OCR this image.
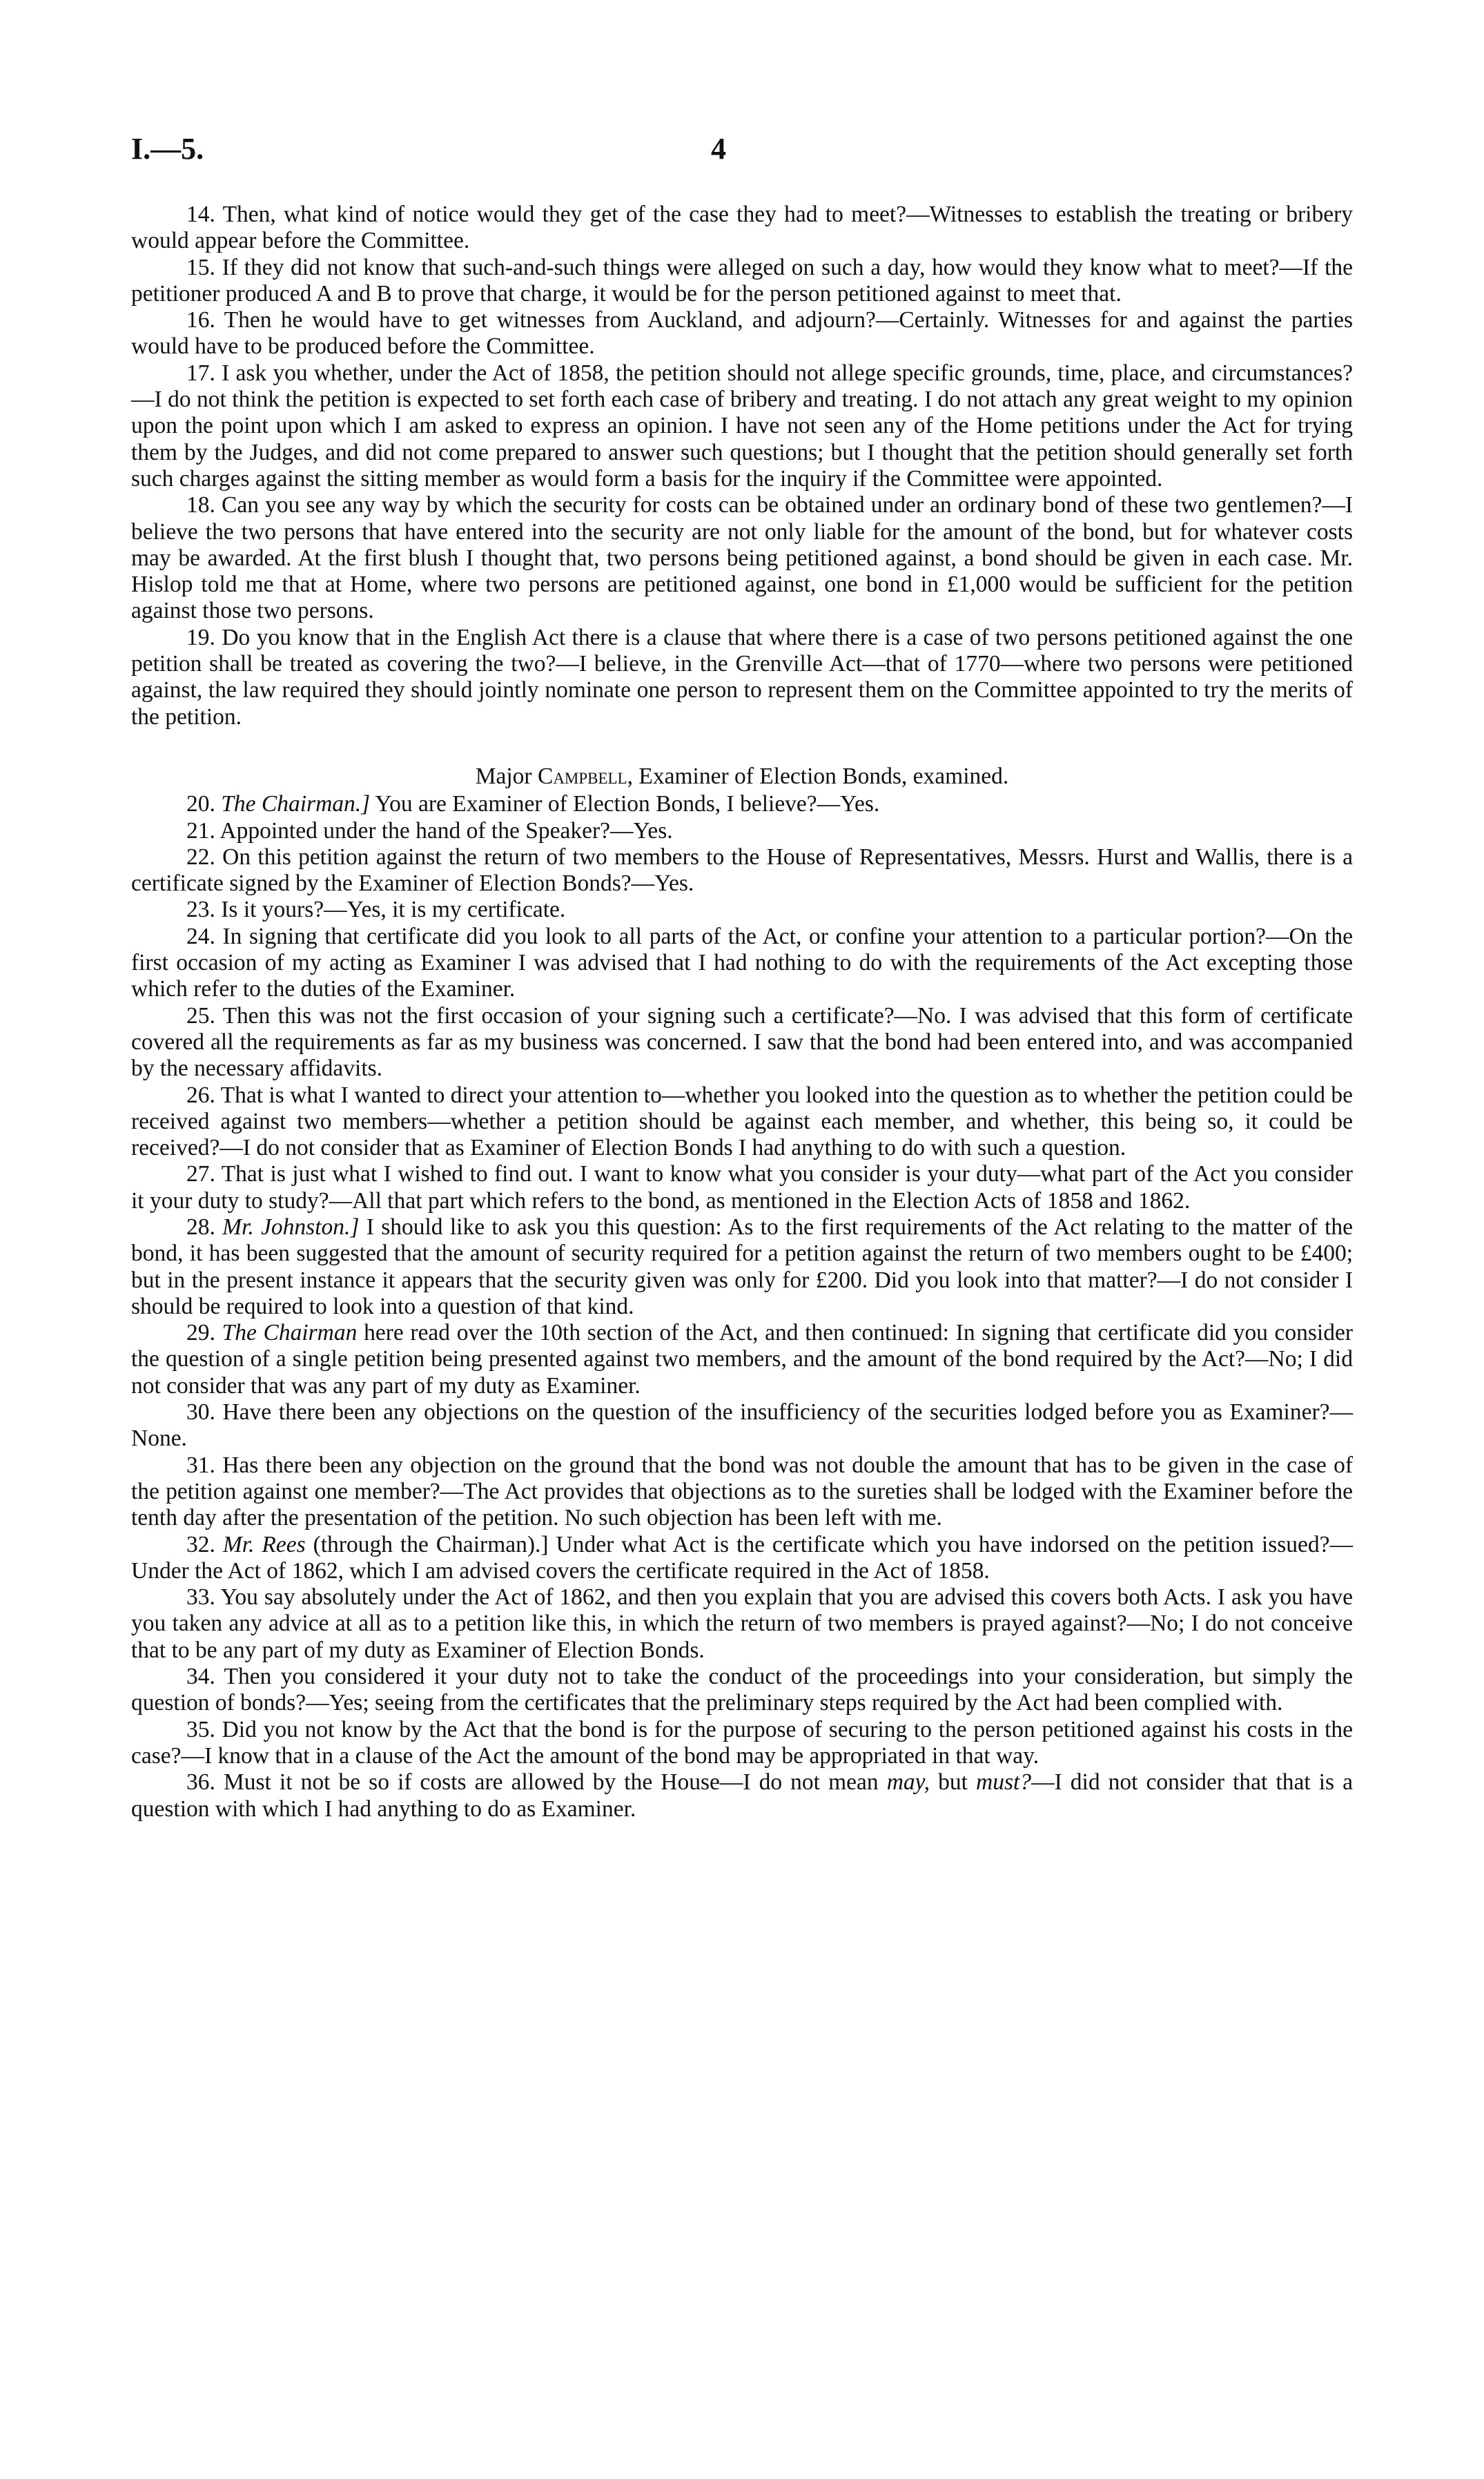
I.—5.	4

14. Then, what kind of notice would they get of the case they had to meet?—Witnesses to establish the treating or bribery would appear before the Committee.

15. If they did not know that such-and-such things were alleged on such a day, how would they know what to meet?—If the petitioner produced A and B to prove that charge, it would be for the person petitioned against to meet that.

16. Then he would have to get witnesses from Auckland, and adjourn?—Certainly. Witnesses for and against the parties would have to be produced before the Committee.

17. I ask you whether, under the Act of 1858, the petition should not allege specific grounds, time, place, and circumstances?—I do not think the petition is expected to set forth each case of bribery and treating. I do not attach any great weight to my opinion upon the point upon which I am asked to express an opinion. I have not seen any of the Home petitions under the Act for trying them by the Judges, and did not come prepared to answer such questions; but I thought that the petition should generally set forth such charges against the sitting member as would form a basis for the inquiry if the Committee were appointed.

18. Can you see any way by which the security for costs can be obtained under an ordinary bond of these two gentlemen?—I believe the two persons that have entered into the security are not only liable for the amount of the bond, but for whatever costs may be awarded. At the first blush I thought that, two persons being petitioned against, a bond should be given in each case. Mr. Hislop told me that at Home, where two persons are petitioned against, one bond in £1,000 would be sufficient for the petition against those two persons.

19. Do you know that in the English Act there is a clause that where there is a case of two persons petitioned against the one petition shall be treated as covering the two?—I believe, in the Grenville Act—that of 1770—where two persons were petitioned against, the law required they should jointly nominate one person to represent them on the Committee appointed to try the merits of the petition.

Major Campbell, Examiner of Election Bonds, examined.

20. The Chairman.] You are Examiner of Election Bonds, I believe?—Yes.

21. Appointed under the hand of the Speaker?—Yes.

22. On this petition against the return of two members to the House of Representatives, Messrs. Hurst and Wallis, there is a certificate signed by the Examiner of Election Bonds?—Yes.

23. Is it yours?—Yes, it is my certificate.

24. In signing that certificate did you look to all parts of the Act, or confine your attention to a particular portion?—On the first occasion of my acting as Examiner I was advised that I had nothing to do with the requirements of the Act excepting those which refer to the duties of the Examiner.

25. Then this was not the first occasion of your signing such a certificate?—No. I was advised that this form of certificate covered all the requirements as far as my business was concerned. I saw that the bond had been entered into, and was accompanied by the necessary affidavits.

26. That is what I wanted to direct your attention to—whether you looked into the question as to whether the petition could be received against two members—whether a petition should be against each member, and whether, this being so, it could be received?—I do not consider that as Examiner of Election Bonds I had anything to do with such a question.

27. That is just what I wished to find out. I want to know what you consider is your duty—what part of the Act you consider it your duty to study?—All that part which refers to the bond, as mentioned in the Election Acts of 1858 and 1862.

28. Mr. Johnston.] I should like to ask you this question: As to the first requirements of the Act relating to the matter of the bond, it has been suggested that the amount of security required for a petition against the return of two members ought to be £400; but in the present instance it appears that the security given was only for £200. Did you look into that matter?—I do not consider I should be required to look into a question of that kind.

29. The Chairman here read over the 10th section of the Act, and then continued: In signing that certificate did you consider the question of a single petition being presented against two members, and the amount of the bond required by the Act?—No; I did not consider that was any part of my duty as Examiner.

30. Have there been any objections on the question of the insufficiency of the securities lodged before you as Examiner?—None.

31. Has there been any objection on the ground that the bond was not double the amount that has to be given in the case of the petition against one member?—The Act provides that objections as to the sureties shall be lodged with the Examiner before the tenth day after the presentation of the petition. No such objection has been left with me.

32. Mr. Rees (through the Chairman).] Under what Act is the certificate which you have indorsed on the petition issued?—Under the Act of 1862, which I am advised covers the certificate required in the Act of 1858.

33. You say absolutely under the Act of 1862, and then you explain that you are advised this covers both Acts. I ask you have you taken any advice at all as to a petition like this, in which the return of two members is prayed against?—No; I do not conceive that to be any part of my duty as Examiner of Election Bonds.

34. Then you considered it your duty not to take the conduct of the proceedings into your consideration, but simply the question of bonds?—Yes; seeing from the certificates that the preliminary steps required by the Act had been complied with.

35. Did you not know by the Act that the bond is for the purpose of securing to the person petitioned against his costs in the case?—I know that in a clause of the Act the amount of the bond may be appropriated in that way.

36. Must it not be so if costs are allowed by the House—I do not mean may, but must?—I did not consider that that is a question with which I had anything to do as Examiner.
